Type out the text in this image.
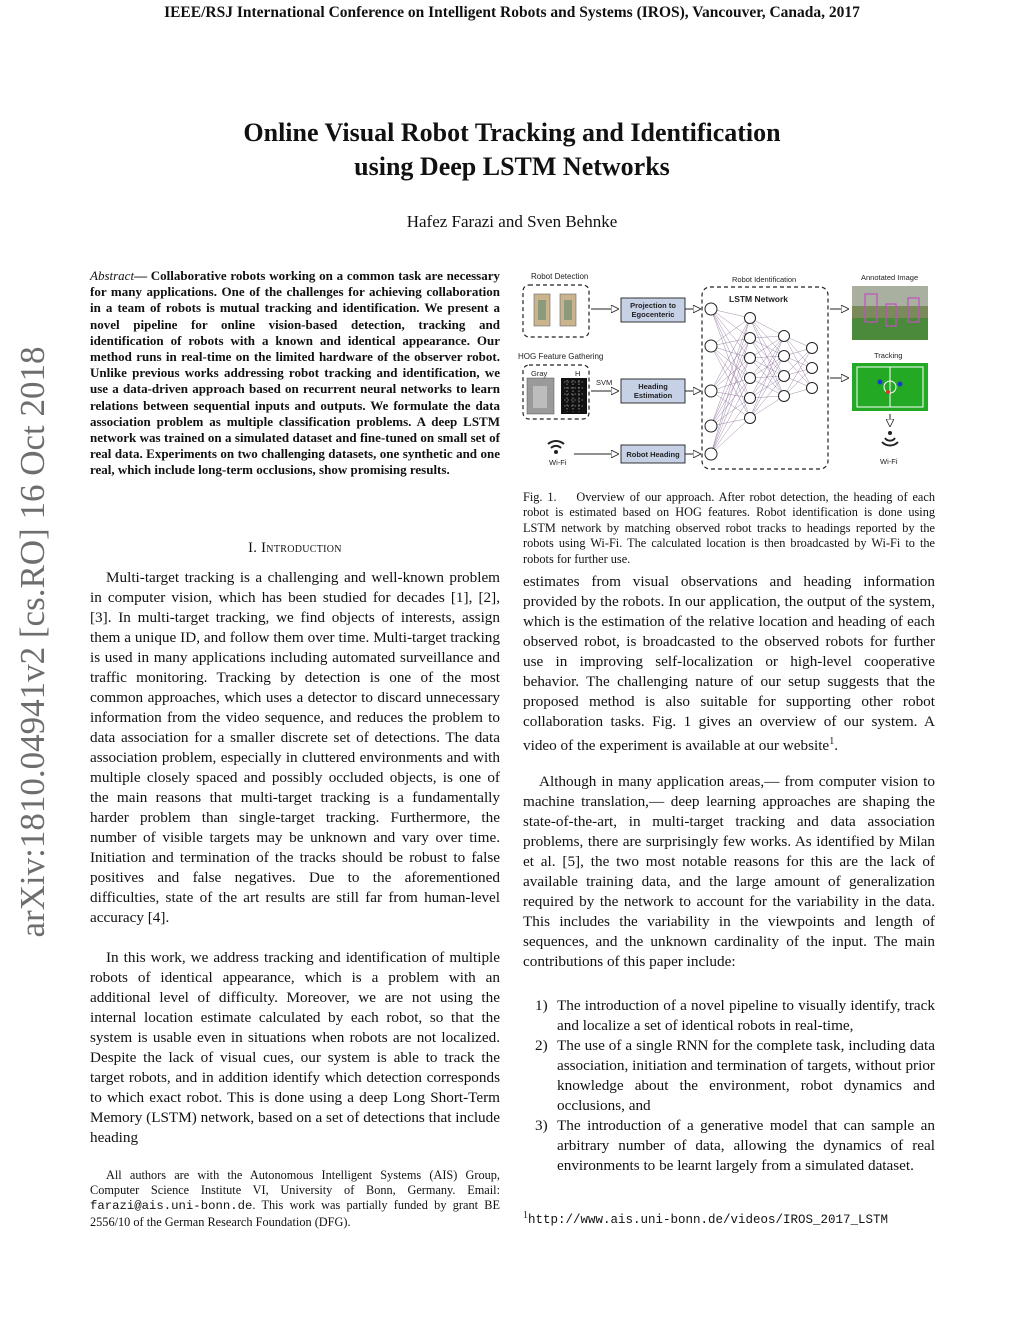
IEEE/RSJ International Conference on Intelligent Robots and Systems (IROS), Vancouver, Canada, 2017
Online Visual Robot Tracking and Identification
using Deep LSTM Networks
Hafez Farazi and Sven Behnke
arXiv:1810.04941v2 [cs.RO] 16 Oct 2018

Abstract— Collaborative robots working on a common task are necessary for many applications. One of the challenges for achieving collaboration in a team of robots is mutual tracking and identification. We present a novel pipeline for online vision-based detection, tracking and identification of robots with a known and identical appearance. Our method runs in real-time on the limited hardware of the observer robot. Unlike previous works addressing robot tracking and identification, we use a data-driven approach based on recurrent neural networks to learn relations between sequential inputs and outputs. We formulate the data association problem as multiple classification problems. A deep LSTM network was trained on a simulated dataset and fine-tuned on small set of real data. Experiments on two challenging datasets, one synthetic and one real, which include long-term occlusions, show promising results.

I. Introduction

Multi-target tracking is a challenging and well-known problem in computer vision, which has been studied for decades [1], [2], [3]. In multi-target tracking, we find objects of interests, assign them a unique ID, and follow them over time. Multi-target tracking is used in many applications including automated surveillance and traffic monitoring. Tracking by detection is one of the most common approaches, which uses a detector to discard unnecessary information from the video sequence, and reduces the problem to data association for a smaller discrete set of detections. The data association problem, especially in cluttered environments and with multiple closely spaced and possibly occluded objects, is one of the main reasons that multi-target tracking is a fundamentally harder problem than single-target tracking. Furthermore, the number of visible targets may be unknown and vary over time. Initiation and termination of the tracks should be robust to false positives and false negatives. Due to the aforementioned difficulties, state of the art results are still far from human-level accuracy [4].

In this work, we address tracking and identification of multiple robots of identical appearance, which is a problem with an additional level of difficulty. Moreover, we are not using the internal location estimate calculated by each robot, so that the system is usable even in situations when robots are not localized. Despite the lack of visual cues, our system is able to track the target robots, and in addition identify which detection corresponds to which exact robot. This is done using a deep Long Short-Term Memory (LSTM) network, based on a set of detections that include heading

All authors are with the Autonomous Intelligent Systems (AIS) Group, Computer Science Institute VI, University of Bonn, Germany. Email: farazi@ais.uni-bonn.de. This work was partially funded by grant BE 2556/10 of the German Research Foundation (DFG).
Robot Detection
HOG Feature Gathering
Gray	H
SVM
Wi-Fi
Projection to
Egocenteric
Heading
Estimation
Robot Heading
Robot Identification
LSTM Network
Annotated Image
Tracking
Wi-Fi
Fig. 1. Overview of our approach. After robot detection, the heading of each robot is estimated based on HOG features. Robot identification is done using LSTM network by matching observed robot tracks to headings reported by the robots using Wi-Fi. The calculated location is then broadcasted by Wi-Fi to the robots for further use.

estimates from visual observations and heading information provided by the robots. In our application, the output of the system, which is the estimation of the relative location and heading of each observed robot, is broadcasted to the observed robots for further use in improving self-localization or high-level cooperative behavior. The challenging nature of our setup suggests that the proposed method is also suitable for supporting other robot collaboration tasks. Fig. 1 gives an overview of our system. A video of the experiment is available at our website$^1$.

Although in many application areas,— from computer vision to machine translation,— deep learning approaches are shaping the state-of-the-art, in multi-target tracking and data association problems, there are surprisingly few works. As identified by Milan et al. [5], the two most notable reasons for this are the lack of available training data, and the large amount of generalization required by the network to account for the variability in the data. This includes the variability in the viewpoints and length of sequences, and the unknown cardinality of the input. The main contributions of this paper include:

1) The introduction of a novel pipeline to visually identify, track and localize a set of identical robots in real-time,
2) The use of a single RNN for the complete task, including data association, initiation and termination of targets, without prior knowledge about the environment, robot dynamics and occlusions, and
3) The introduction of a generative model that can sample an arbitrary number of data, allowing the dynamics of real environments to be learnt largely from a simulated dataset.
$^1$http://www.ais.uni-bonn.de/videos/IROS_2017_LSTM
